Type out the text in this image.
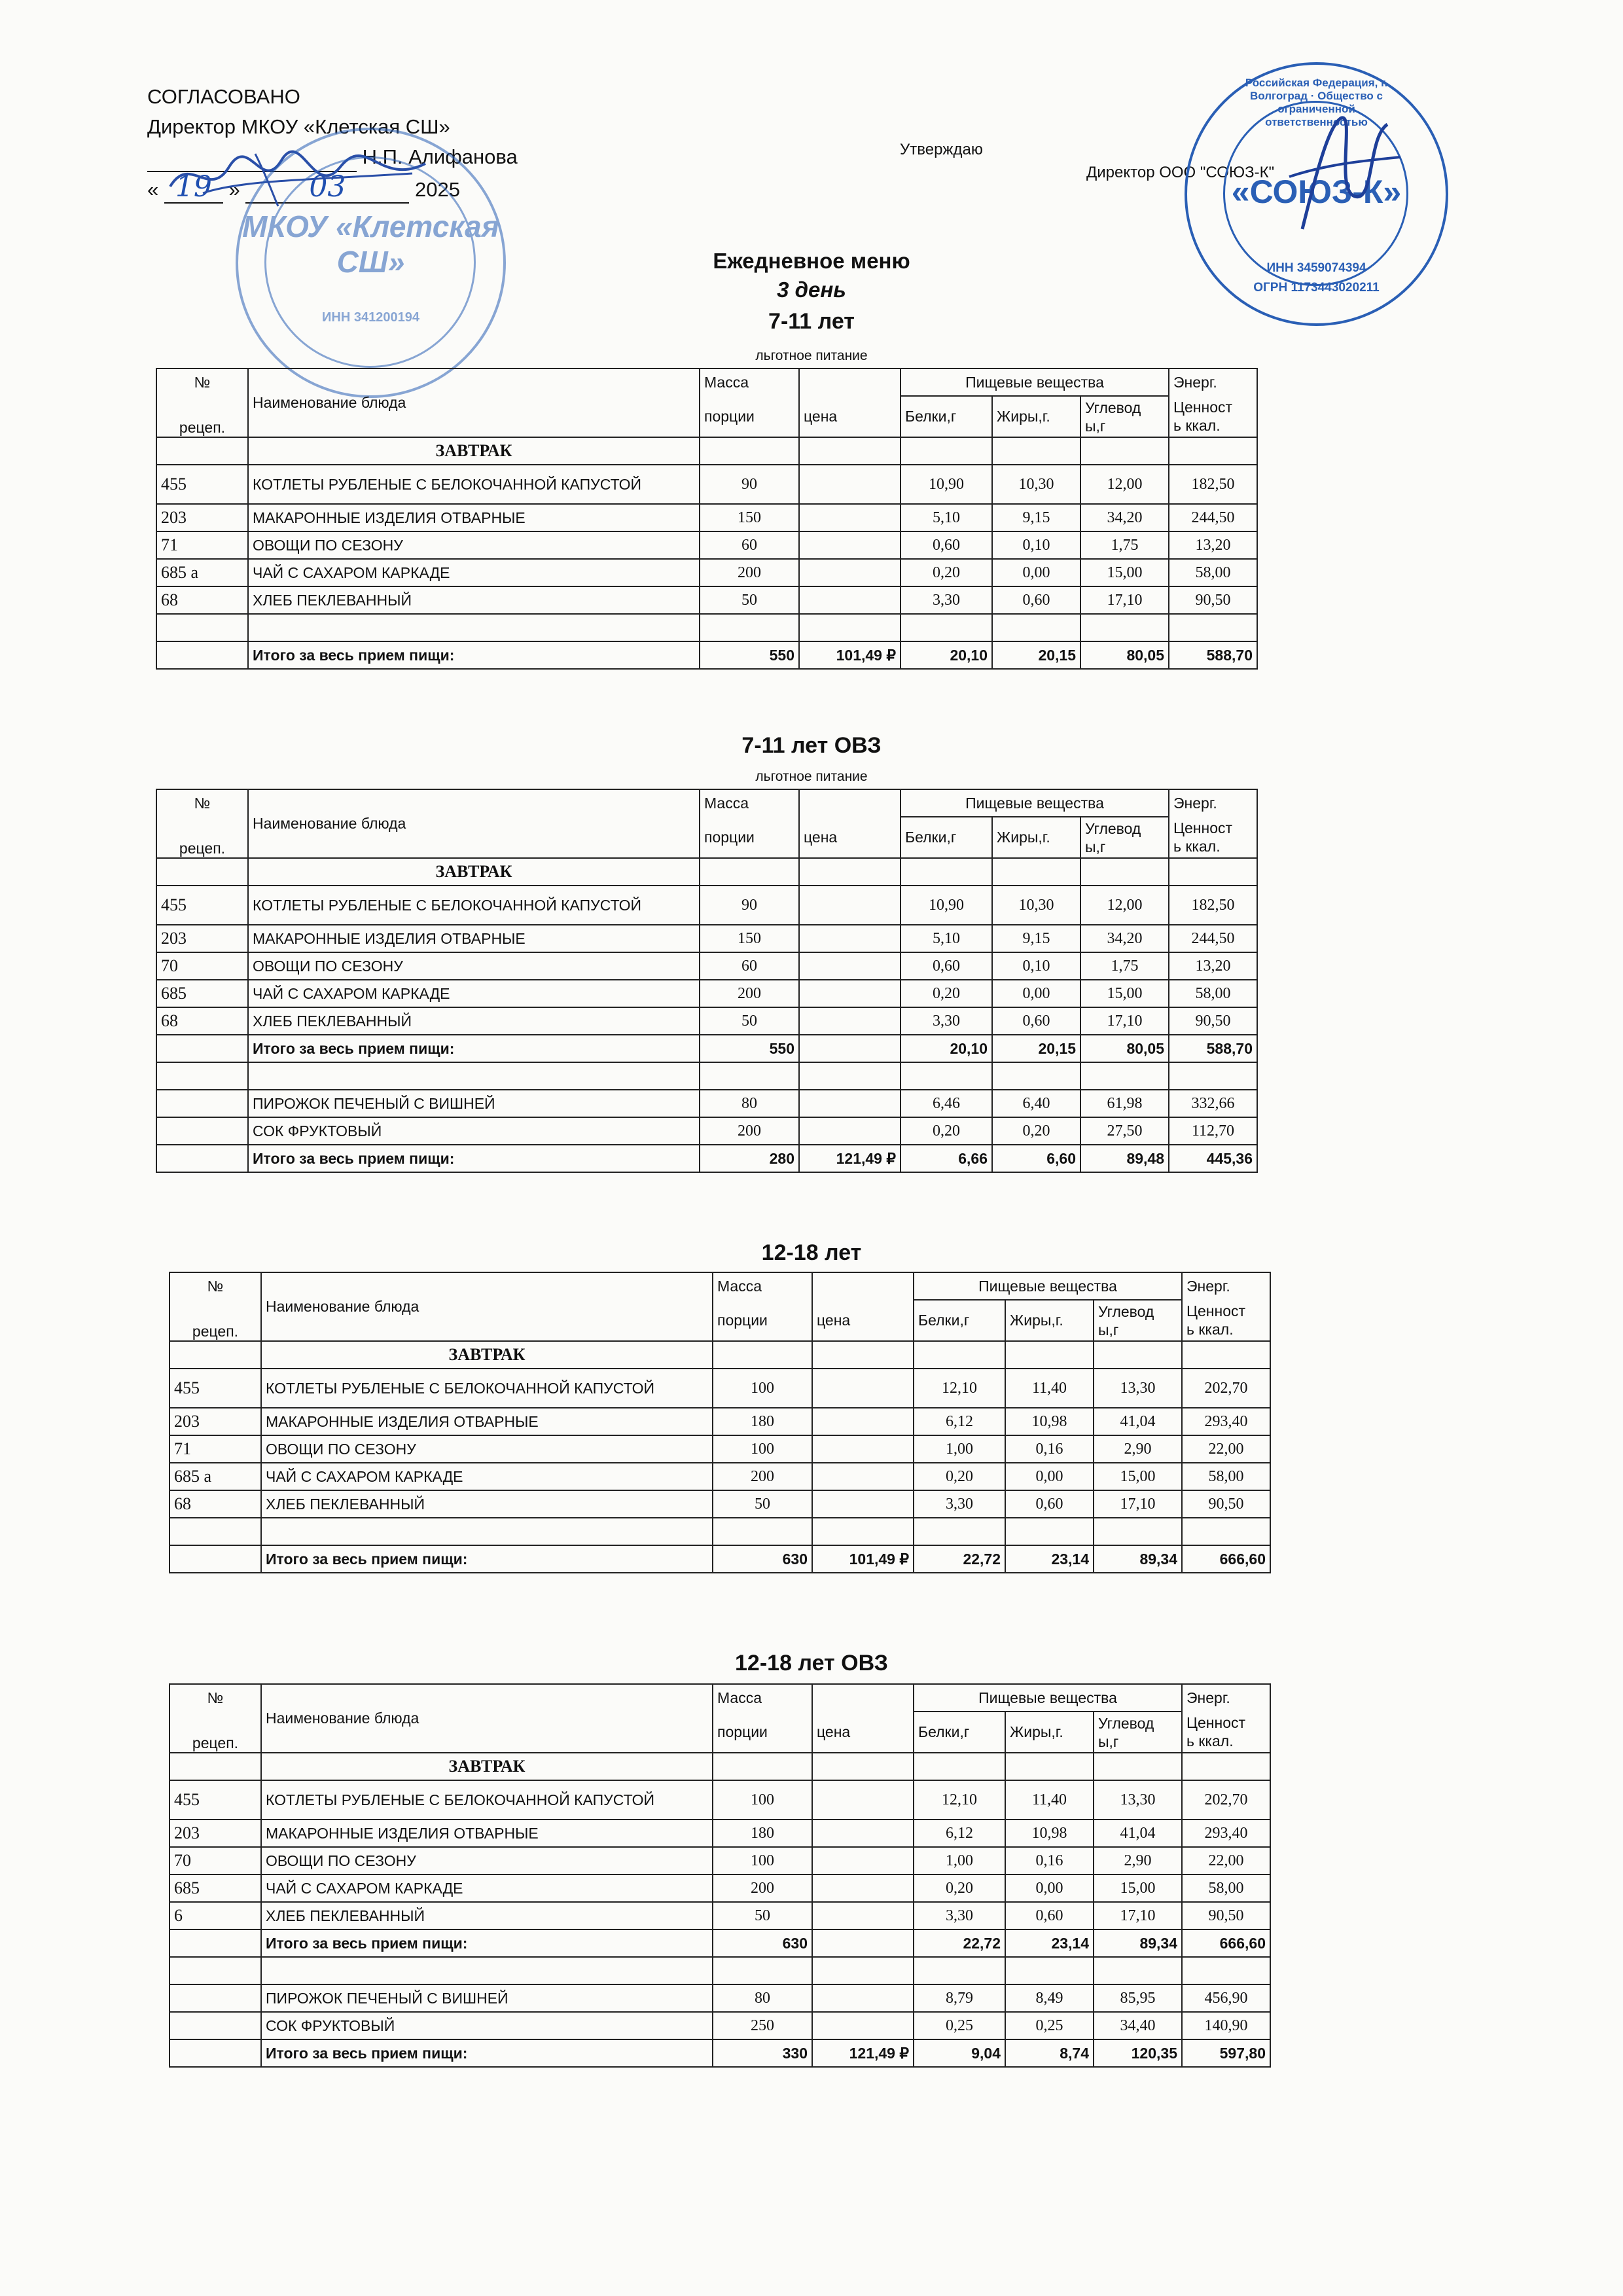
СОГЛАСОВАНО
Директор МКОУ «Клетская СШ»
Н.П. Алифанова
« 19 » 03	2025
МКОУ «Клетская СШ»
ИНН 341200194
Утверждаю
Директор ООО "СОЮЗ-К"
«СОЮЗ-К»
Российская Федерация, г. Волгоград · Общество с ограниченной ответственностью
ИНН 3459074394
ОГРН 1173443020211
Ежедневное меню
3 день
7-11 лет
льготное питание
№	Наименование блюда	Масса		Пищевые вещества			Энерг.
рецеп.		порции	цена	Белки,г	Жиры,г.	Углевод
ы,г	Ценност
ь ккал.
	ЗАВТРАК						
455	КОТЛЕТЫ РУБЛЕНЫЕ С БЕЛОКОЧАННОЙ КАПУСТОЙ	90		10,90	10,30	12,00	182,50
203	МАКАРОННЫЕ ИЗДЕЛИЯ ОТВАРНЫЕ	150		5,10	9,15	34,20	244,50
71	ОВОЩИ ПО СЕЗОНУ	60		0,60	0,10	1,75	13,20
685 а	ЧАЙ С САХАРОМ КАРКАДЕ	200		0,20	0,00	15,00	58,00
68	ХЛЕБ ПЕКЛЕВАННЫЙ	50		3,30	0,60	17,10	90,50

	Итого за весь прием пищи:	550	101,49 ₽	20,10	20,15	80,05	588,70
7-11 лет ОВЗ
льготное питание
№	Наименование блюда	Масса		Пищевые вещества			Энерг.
рецеп.		порции	цена	Белки,г	Жиры,г.	Углевод
ы,г	Ценност
ь ккал.
	ЗАВТРАК						
455	КОТЛЕТЫ РУБЛЕНЫЕ С БЕЛОКОЧАННОЙ КАПУСТОЙ	90		10,90	10,30	12,00	182,50
203	МАКАРОННЫЕ ИЗДЕЛИЯ ОТВАРНЫЕ	150		5,10	9,15	34,20	244,50
70	ОВОЩИ ПО СЕЗОНУ	60		0,60	0,10	1,75	13,20
685	ЧАЙ С САХАРОМ КАРКАДЕ	200		0,20	0,00	15,00	58,00
68	ХЛЕБ ПЕКЛЕВАННЫЙ	50		3,30	0,60	17,10	90,50
	Итого за весь прием пищи:	550		20,10	20,15	80,05	588,70

	ПИРОЖОК ПЕЧЕНЫЙ С ВИШНЕЙ	80		6,46	6,40	61,98	332,66
	СОК ФРУКТОВЫЙ	200		0,20	0,20	27,50	112,70
	Итого за весь прием пищи:	280	121,49 ₽	6,66	6,60	89,48	445,36
12-18 лет
№	Наименование блюда	Масса		Пищевые вещества			Энерг.
рецеп.		порции	цена	Белки,г	Жиры,г.	Углевод
ы,г	Ценност
ь ккал.
	ЗАВТРАК						
455	КОТЛЕТЫ РУБЛЕНЫЕ С БЕЛОКОЧАННОЙ КАПУСТОЙ	100		12,10	11,40	13,30	202,70
203	МАКАРОННЫЕ ИЗДЕЛИЯ ОТВАРНЫЕ	180		6,12	10,98	41,04	293,40
71	ОВОЩИ ПО СЕЗОНУ	100		1,00	0,16	2,90	22,00
685 а	ЧАЙ С САХАРОМ КАРКАДЕ	200		0,20	0,00	15,00	58,00
68	ХЛЕБ ПЕКЛЕВАННЫЙ	50		3,30	0,60	17,10	90,50

	Итого за весь прием пищи:	630	101,49 ₽	22,72	23,14	89,34	666,60
12-18 лет ОВЗ
№	Наименование блюда	Масса		Пищевые вещества			Энерг.
рецеп.		порции	цена	Белки,г	Жиры,г.	Углевод
ы,г	Ценност
ь ккал.
	ЗАВТРАК						
455	КОТЛЕТЫ РУБЛЕНЫЕ С БЕЛОКОЧАННОЙ КАПУСТОЙ	100		12,10	11,40	13,30	202,70
203	МАКАРОННЫЕ ИЗДЕЛИЯ ОТВАРНЫЕ	180		6,12	10,98	41,04	293,40
70	ОВОЩИ ПО СЕЗОНУ	100		1,00	0,16	2,90	22,00
685	ЧАЙ С САХАРОМ КАРКАДЕ	200		0,20	0,00	15,00	58,00
6	ХЛЕБ ПЕКЛЕВАННЫЙ	50		3,30	0,60	17,10	90,50
	Итого за весь прием пищи:	630		22,72	23,14	89,34	666,60

	ПИРОЖОК ПЕЧЕНЫЙ С ВИШНЕЙ	80		8,79	8,49	85,95	456,90
	СОК ФРУКТОВЫЙ	250		0,25	0,25	34,40	140,90
	Итого за весь прием пищи:	330	121,49 ₽	9,04	8,74	120,35	597,80
